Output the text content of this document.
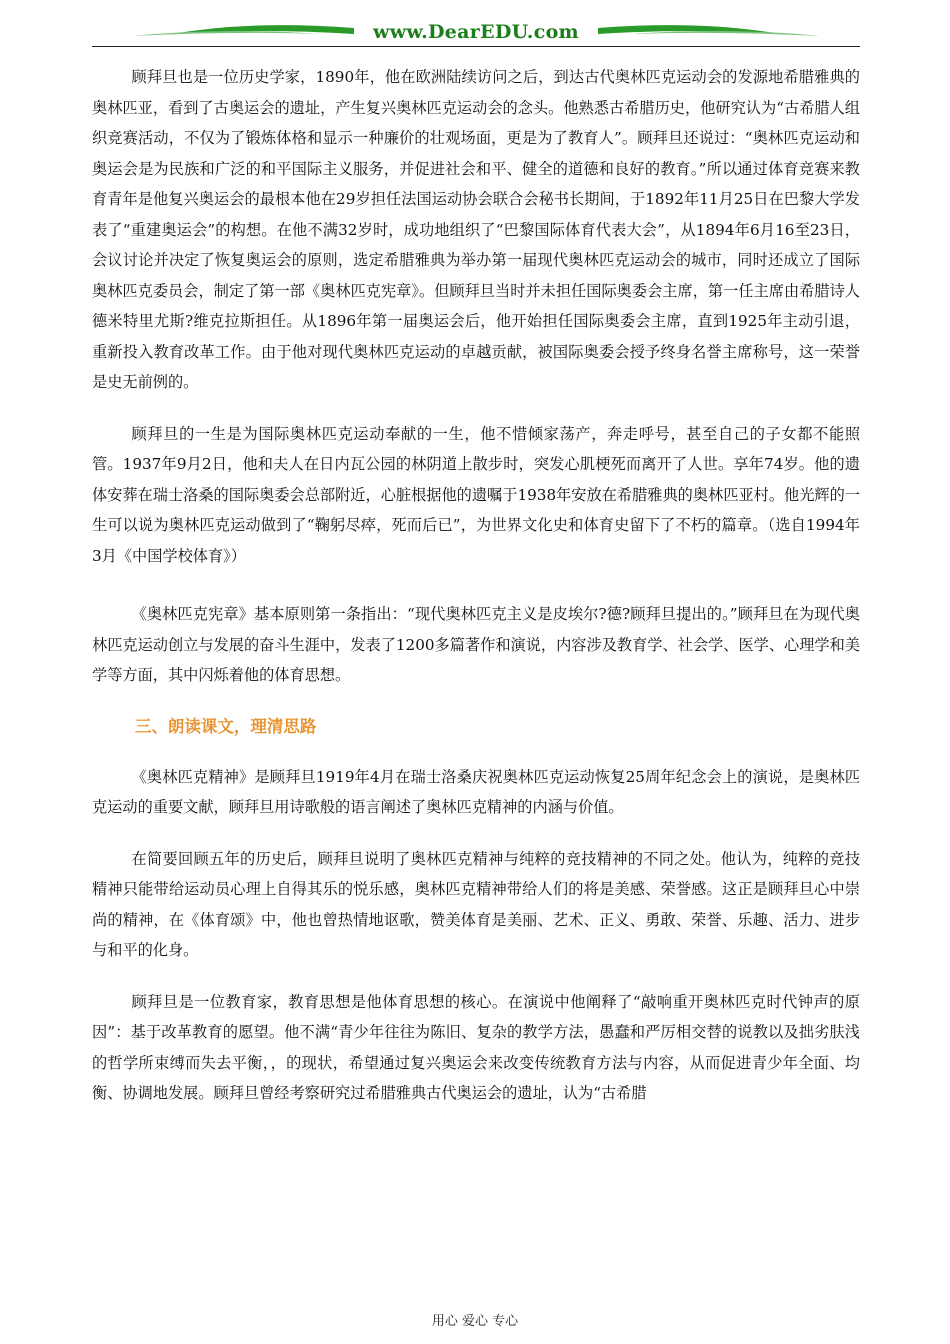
www.DearEDU.com

顾拜旦也是一位历史学家，1890年，他在欧洲陆续访问之后，到达古代奥林匹克运动会的发源地希腊雅典的奥林匹亚，看到了古奥运会的遗址，产生复兴奥林匹克运动会的念头。他熟悉古希腊历史，他研究认为“古希腊人组织竞赛活动，不仅为了锻炼体格和显示一种廉价的壮观场面，更是为了教育人”。顾拜旦还说过：“奥林匹克运动和奥运会是为民族和广泛的和平国际主义服务，并促进社会和平、健全的道德和良好的教育。”所以通过体育竞赛来教育青年是他复兴奥运会的最根本他在29岁担任法国运动协会联合会秘书长期间，于1892年11月25日在巴黎大学发表了“重建奥运会”的构想。在他不满32岁时，成功地组织了“巴黎国际体育代表大会”，从1894年6月16至23日，会议讨论并决定了恢复奥运会的原则，选定希腊雅典为举办第一届现代奥林匹克运动会的城市，同时还成立了国际奥林匹克委员会，制定了第一部《奥林匹克宪章》。但顾拜旦当时并未担任国际奥委会主席，第一任主席由希腊诗人德米特里尤斯?维克拉斯担任。从1896年第一届奥运会后，他开始担任国际奥委会主席，直到1925年主动引退，重新投入教育改革工作。由于他对现代奥林匹克运动的卓越贡献，被国际奥委会授予终身名誉主席称号，这一荣誉是史无前例的。

顾拜旦的一生是为国际奥林匹克运动奉献的一生，他不惜倾家荡产，奔走呼号，甚至自己的子女都不能照管。1937年9月2日，他和夫人在日内瓦公园的林阴道上散步时，突发心肌梗死而离开了人世。享年74岁。他的遗体安葬在瑞士洛桑的国际奥委会总部附近，心脏根据他的遗嘱于1938年安放在希腊雅典的奥林匹亚村。他光辉的一生可以说为奥林匹克运动做到了“鞠躬尽瘁，死而后已”，为世界文化史和体育史留下了不朽的篇章。（选自1994年3月《中国学校体育》）

《奥林匹克宪章》基本原则第一条指出：“现代奥林匹克主义是皮埃尔?德?顾拜旦提出的。”顾拜旦在为现代奥林匹克运动创立与发展的奋斗生涯中，发表了1200多篇著作和演说，内容涉及教育学、社会学、医学、心理学和美学等方面，其中闪烁着他的体育思想。

三、朗读课文，理清思路

《奥林匹克精神》是顾拜旦1919年4月在瑞士洛桑庆祝奥林匹克运动恢复25周年纪念会上的演说，是奥林匹克运动的重要文献，顾拜旦用诗歌般的语言阐述了奥林匹克精神的内涵与价值。

在简要回顾五年的历史后，顾拜旦说明了奥林匹克精神与纯粹的竞技精神的不同之处。他认为，纯粹的竞技精神只能带给运动员心理上自得其乐的悦乐感，奥林匹克精神带给人们的将是美感、荣誉感。这正是顾拜旦心中崇尚的精神，在《体育颂》中，他也曾热情地讴歌，赞美体育是美丽、艺术、正义、勇敢、荣誉、乐趣、活力、进步与和平的化身。

顾拜旦是一位教育家，教育思想是他体育思想的核心。在演说中他阐释了“敲响重开奥林匹克时代钟声的原因”：基于改革教育的愿望。他不满“青少年往往为陈旧、复杂的教学方法，愚蠢和严厉相交替的说教以及拙劣肤浅的哲学所束缚而失去平衡，，的现状，希望通过复兴奥运会来改变传统教育方法与内容，从而促进青少年全面、均衡、协调地发展。顾拜旦曾经考察研究过希腊雅典古代奥运会的遗址，认为“古希腊

用心 爱心 专心
